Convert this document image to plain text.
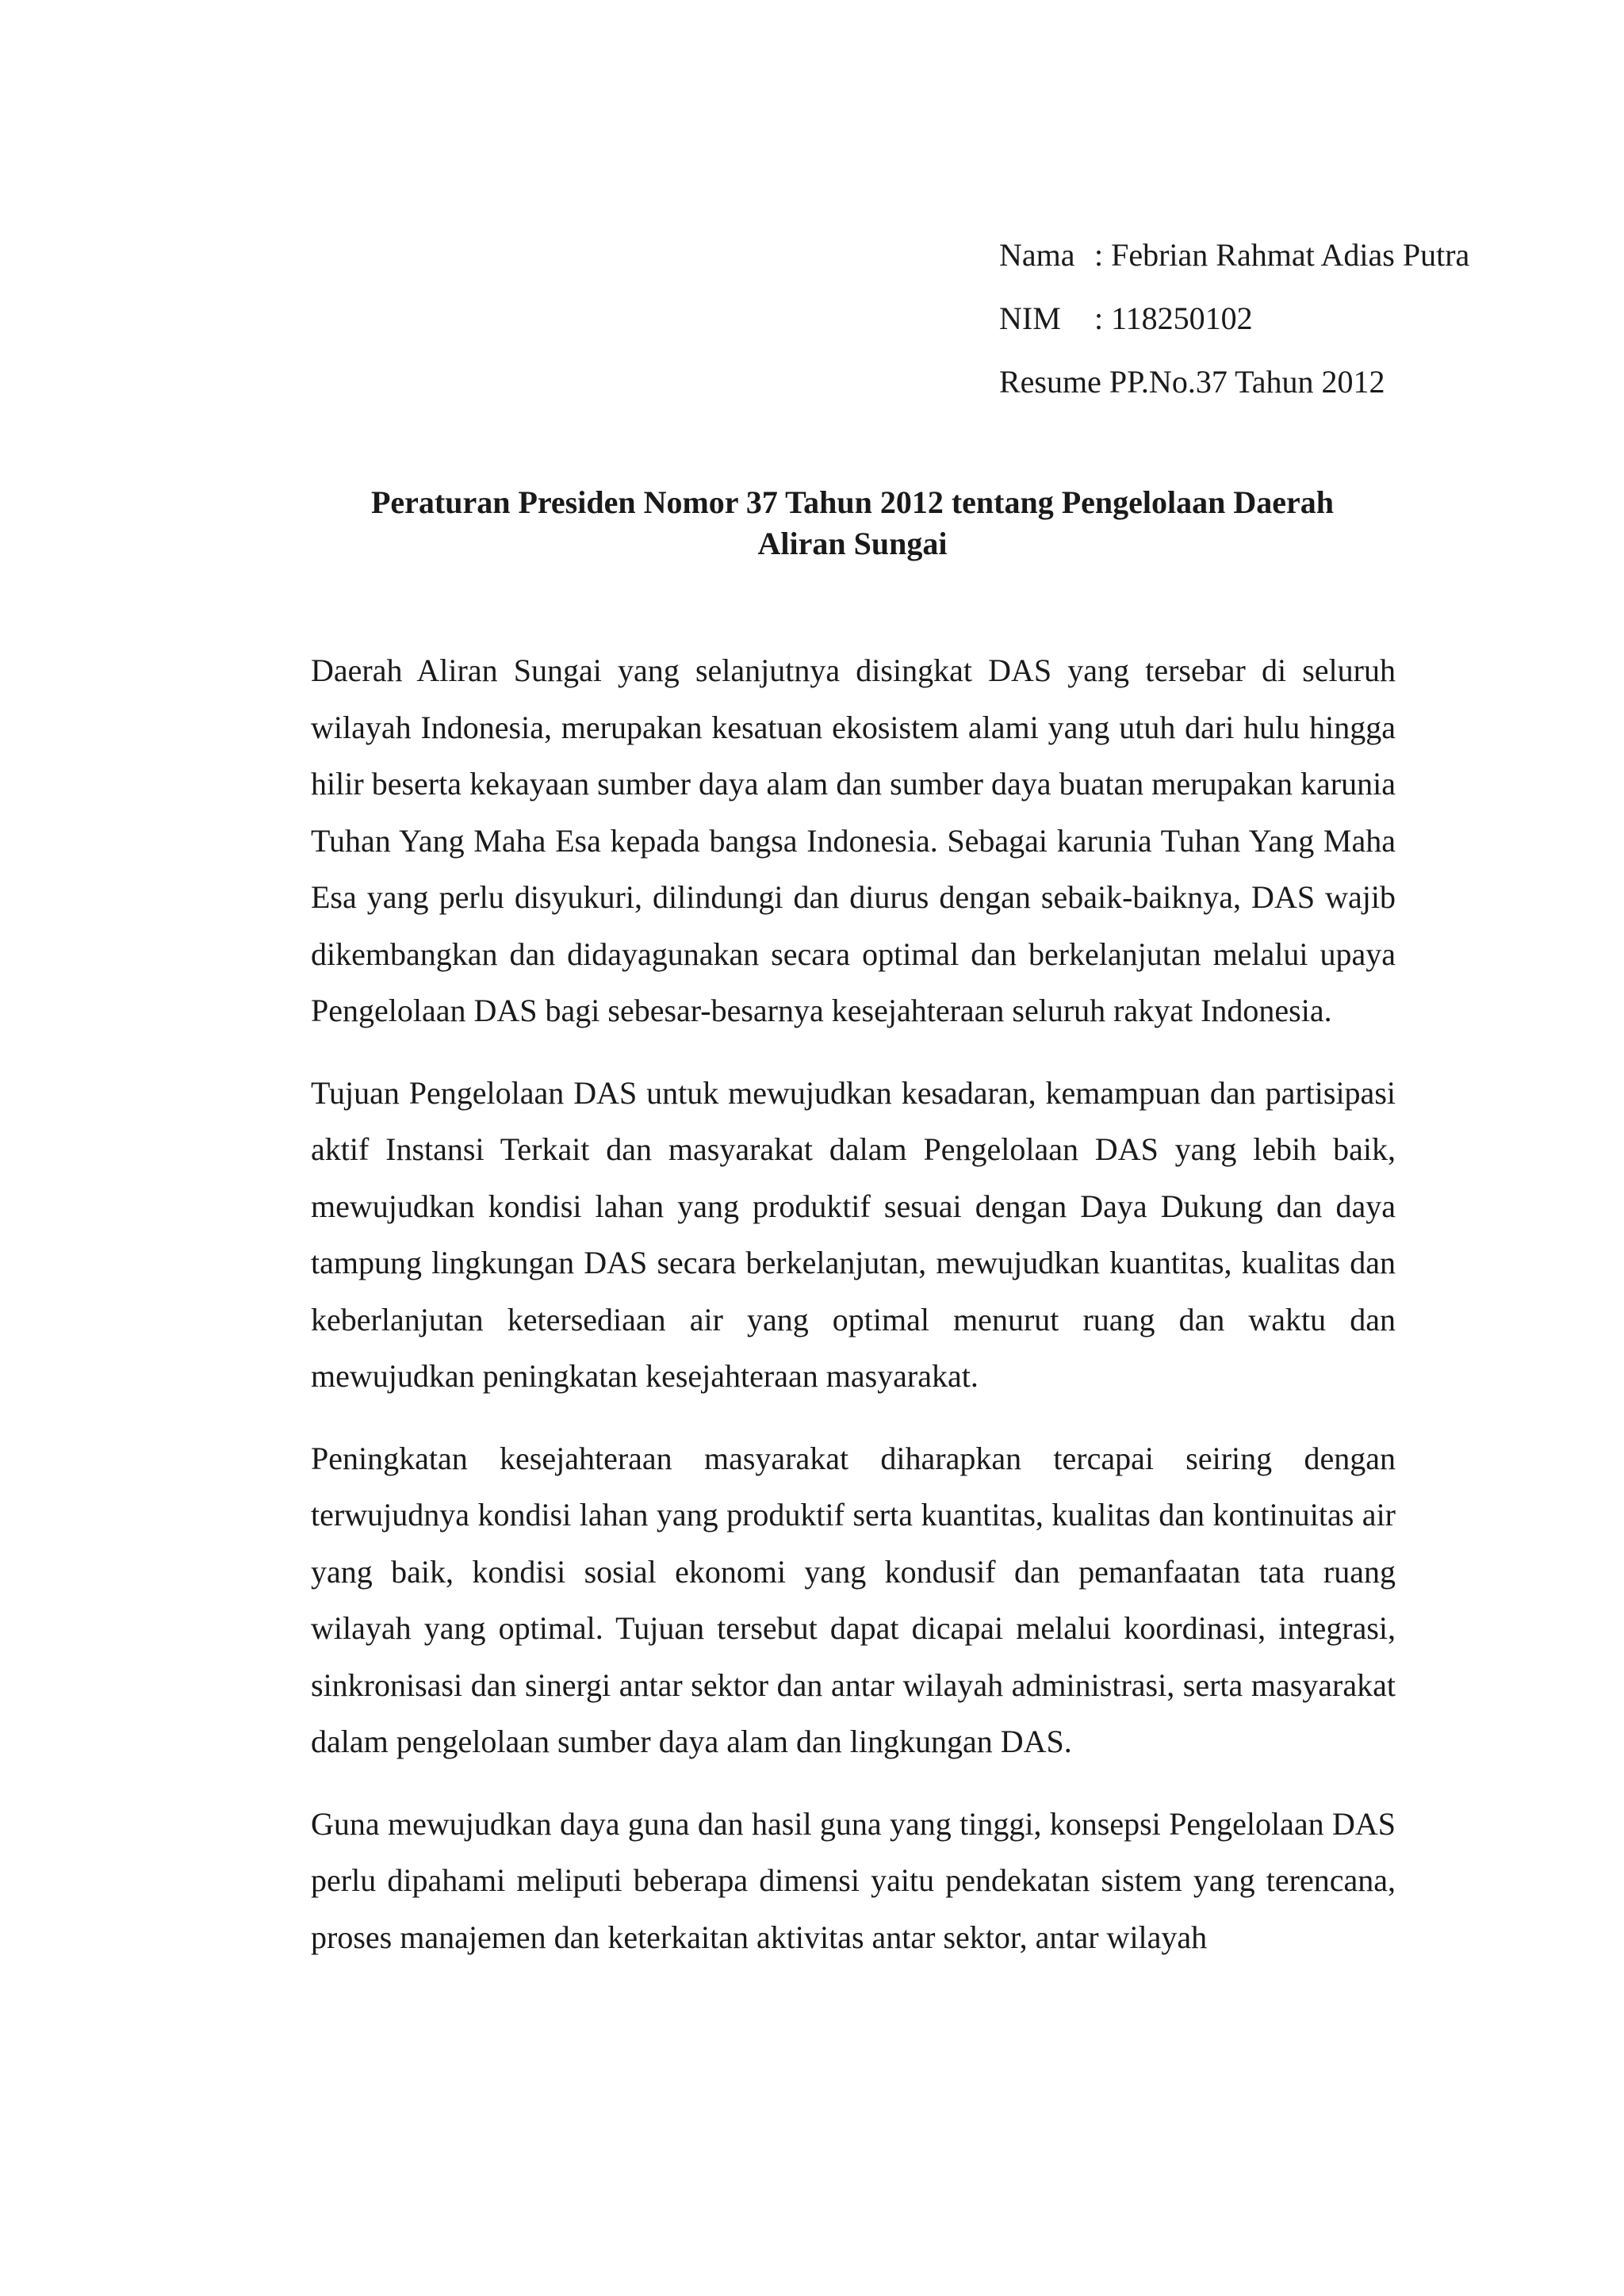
Nama : Febrian Rahmat Adias Putra
NIM : 118250102
Resume PP.No.37 Tahun 2012
Peraturan Presiden Nomor 37 Tahun 2012 tentang Pengelolaan Daerah
Aliran Sungai

Daerah Aliran Sungai yang selanjutnya disingkat DAS yang tersebar di seluruh wilayah Indonesia, merupakan kesatuan ekosistem alami yang utuh dari hulu hingga hilir beserta kekayaan sumber daya alam dan sumber daya buatan merupakan karunia Tuhan Yang Maha Esa kepada bangsa Indonesia. Sebagai karunia Tuhan Yang Maha Esa yang perlu disyukuri, dilindungi dan diurus dengan sebaik-baiknya, DAS wajib dikembangkan dan didayagunakan secara optimal dan berkelanjutan melalui upaya Pengelolaan DAS bagi sebesar-besarnya kesejahteraan seluruh rakyat Indonesia.

Tujuan Pengelolaan DAS untuk mewujudkan kesadaran, kemampuan dan partisipasi aktif Instansi Terkait dan masyarakat dalam Pengelolaan DAS yang lebih baik, mewujudkan kondisi lahan yang produktif sesuai dengan Daya Dukung dan daya tampung lingkungan DAS secara berkelanjutan, mewujudkan kuantitas, kualitas dan keberlanjutan ketersediaan air yang optimal menurut ruang dan waktu dan mewujudkan peningkatan kesejahteraan masyarakat.

Peningkatan kesejahteraan masyarakat diharapkan tercapai seiring dengan terwujudnya kondisi lahan yang produktif serta kuantitas, kualitas dan kontinuitas air yang baik, kondisi sosial ekonomi yang kondusif dan pemanfaatan tata ruang wilayah yang optimal. Tujuan tersebut dapat dicapai melalui koordinasi, integrasi, sinkronisasi dan sinergi antar sektor dan antar wilayah administrasi, serta masyarakat dalam pengelolaan sumber daya alam dan lingkungan DAS.

Guna mewujudkan daya guna dan hasil guna yang tinggi, konsepsi Pengelolaan DAS perlu dipahami meliputi beberapa dimensi yaitu pendekatan sistem yang terencana, proses manajemen dan keterkaitan aktivitas antar sektor, antar wilayah
